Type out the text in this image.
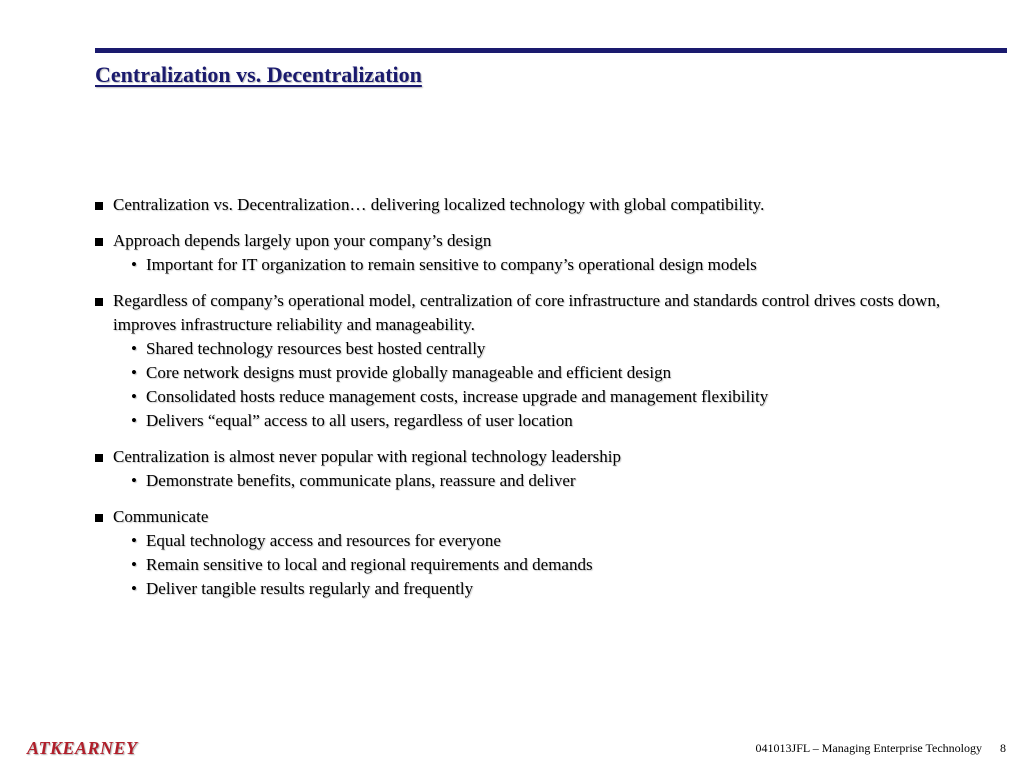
Centralization vs. Decentralization
Centralization vs. Decentralization… delivering localized technology with global compatibility.
Approach depends largely upon your company’s design
• Important for IT organization to remain sensitive to company’s operational design models
Regardless of company’s operational model, centralization of core infrastructure and standards control drives costs down, improves infrastructure reliability and manageability.
• Shared technology resources best hosted centrally
• Core network designs must provide globally manageable and efficient design
• Consolidated hosts reduce management costs, increase upgrade and management flexibility
• Delivers “equal” access to all users, regardless of user location
Centralization is almost never popular with regional technology leadership
• Demonstrate benefits, communicate plans, reassure and deliver
Communicate
• Equal technology access and resources for everyone
• Remain sensitive to local and regional requirements and demands
• Deliver tangible results regularly and frequently
ATKEARNEY	041013JFL – Managing Enterprise Technology 8
